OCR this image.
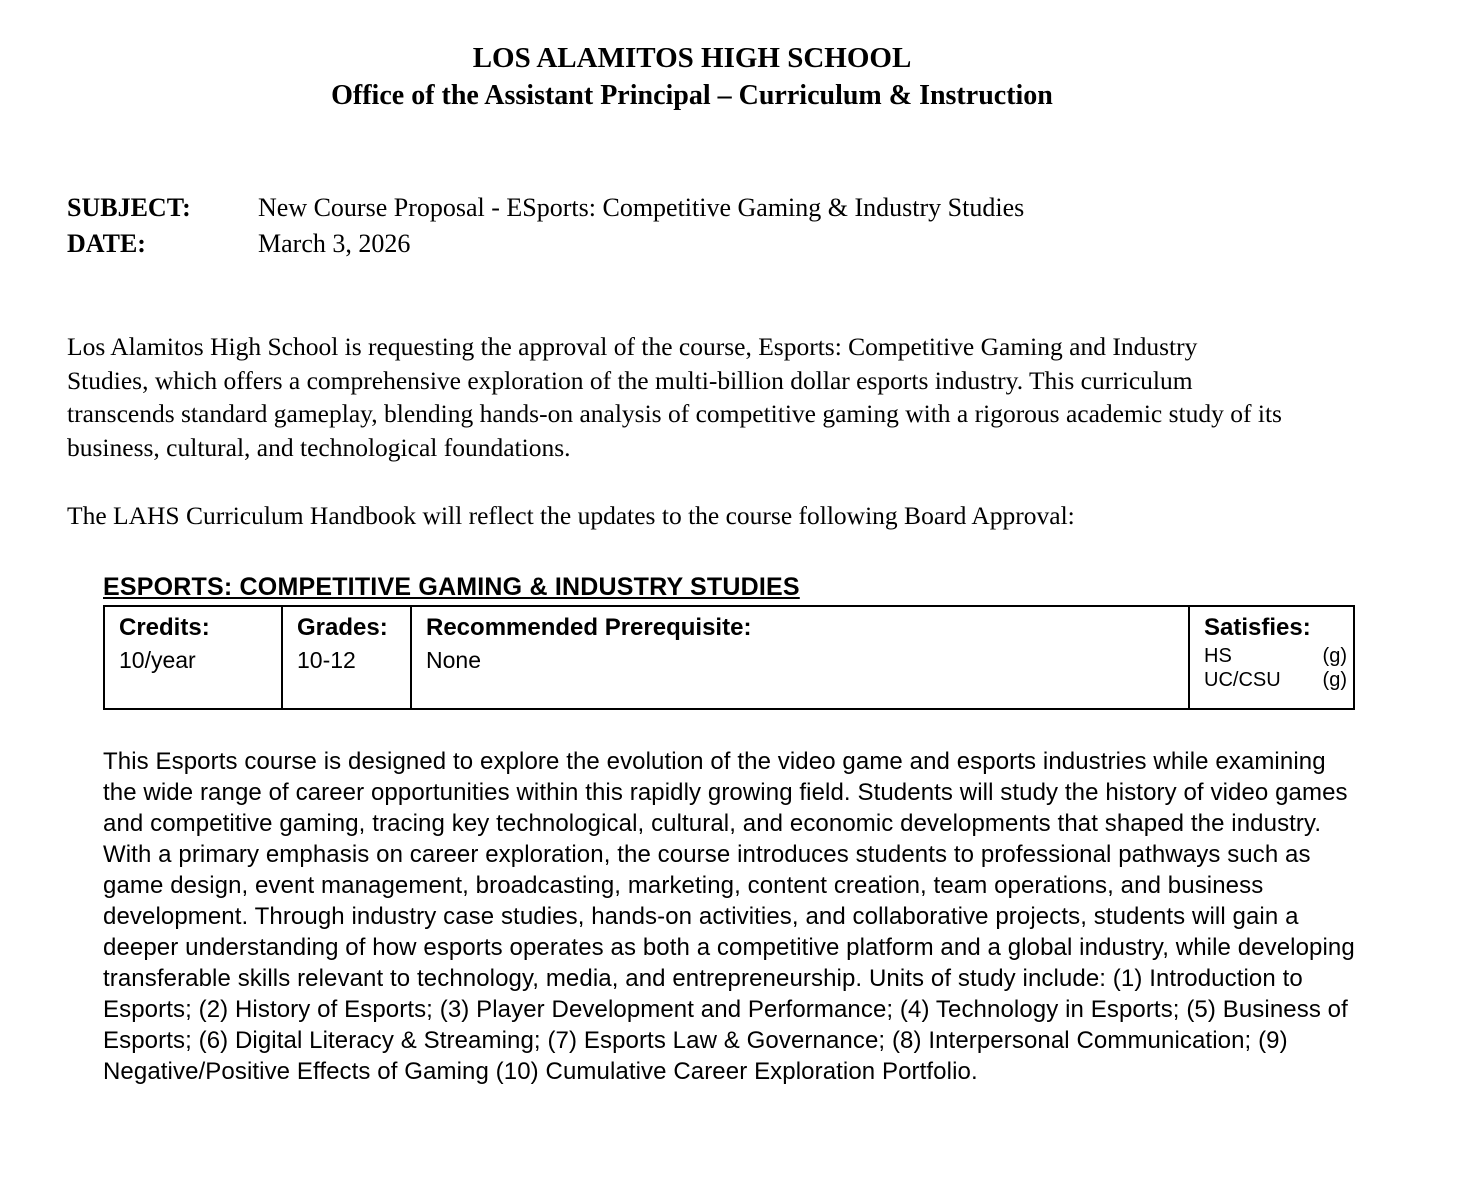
LOS ALAMITOS HIGH SCHOOL
Office of the Assistant Principal – Curriculum & Instruction
SUBJECT:	New Course Proposal - ESports: Competitive Gaming & Industry Studies
DATE:	March 3, 2026
Los Alamitos High School is requesting the approval of the course, Esports: Competitive Gaming and Industry Studies, which offers a comprehensive exploration of the multi-billion dollar esports industry. This curriculum transcends standard gameplay, blending hands-on analysis of competitive gaming with a rigorous academic study of its business, cultural, and technological foundations.
The LAHS Curriculum Handbook will reflect the updates to the course following Board Approval:
ESPORTS: COMPETITIVE GAMING & INDUSTRY STUDIES
Credits:
10/year

Grades:
10-12

Recommended Prerequisite:
None

Satisfies:
HS	(g)
UC/CSU (g)
This Esports course is designed to explore the evolution of the video game and esports industries while examining the wide range of career opportunities within this rapidly growing field. Students will study the history of video games and competitive gaming, tracing key technological, cultural, and economic developments that shaped the industry. With a primary emphasis on career exploration, the course introduces students to professional pathways such as game design, event management, broadcasting, marketing, content creation, team operations, and business development. Through industry case studies, hands-on activities, and collaborative projects, students will gain a deeper understanding of how esports operates as both a competitive platform and a global industry, while developing transferable skills relevant to technology, media, and entrepreneurship. Units of study include: (1) Introduction to Esports; (2) History of Esports; (3) Player Development and Performance; (4) Technology in Esports; (5) Business of Esports; (6) Digital Literacy & Streaming; (7) Esports Law & Governance; (8) Interpersonal Communication; (9) Negative/Positive Effects of Gaming (10) Cumulative Career Exploration Portfolio.
